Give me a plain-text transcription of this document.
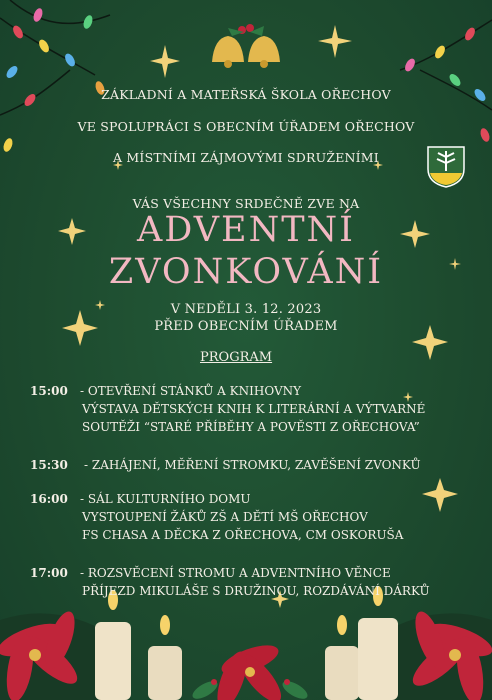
ZÁKLADNÍ A MATEŘSKÁ ŠKOLA OŘECHOV
VE SPOLUPRÁCI S OBECNÍM ÚŘADEM OŘECHOV
A MÍSTNÍMI ZÁJMOVÝMI SDRUŽENÍMI
VÁS VŠECHNY SRDEČNĚ ZVE NA
ADVENTNÍ
ZVONKOVÁNÍ
V NEDĚLI 3. 12. 2023
PŘED OBECNÍM ÚŘADEM
PROGRAM
15:00	- OTEVŘENÍ STÁNKŮ A KNIHOVNY
VÝSTAVA DĚTSKÝCH KNIH K LITERÁRNÍ A VÝTVARNÉ
SOUTĚŽI “STARÉ PŘÍBĚHY A POVĚSTI Z OŘECHOVA”
15:30	- ZAHÁJENÍ, MĚŘENÍ STROMKU, ZAVĚŠENÍ ZVONKŮ
16:00	- SÁL KULTURNÍHO DOMU
VYSTOUPENÍ ŽÁKŮ ZŠ A DĚTÍ MŠ OŘECHOV
FS CHASA A DĚCKA Z OŘECHOVA, CM OSKORUŠA
17:00	- ROZSVĚCENÍ STROMU A ADVENTNÍHO VĚNCE
PŘÍJEZD MIKULÁŠE S DRUŽINOU, ROZDÁVÁNÍ DÁRKŮ
